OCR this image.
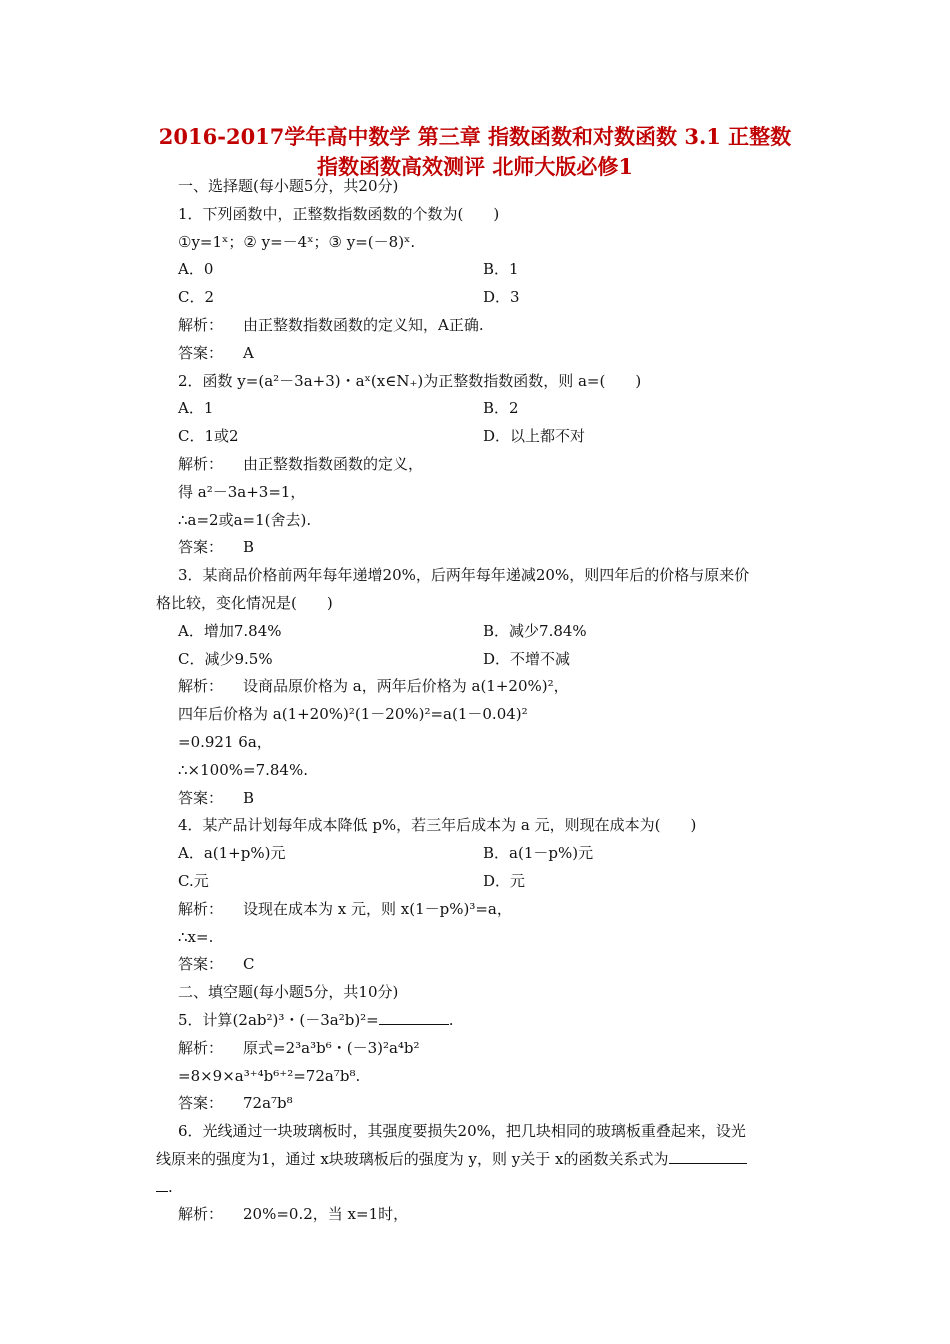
2016-2017学年高中数学 第三章 指数函数和对数函数 3.1 正整数
指数函数高效测评 北师大版必修1
一、选择题(每小题5分，共20分)
1．下列函数中，正整数指数函数的个数为(　　)
①y=1ˣ；② y=－4ˣ；③ y=(－8)ˣ.
A．0	B．1
C．2	D．3
解析： 由正整数指数函数的定义知，A正确.
答案： A
2．函数 y=(a²－3a+3)・aˣ(x∈N₊)为正整数指数函数，则 a=(　　)
A．1	B．2
C．1或2	D．以上都不对
解析： 由正整数指数函数的定义，
得 a²－3a+3=1，
∴a=2或a=1(舍去).
答案： B
3．某商品价格前两年每年递增20%，后两年每年递减20%，则四年后的价格与原来价
格比较，变化情况是(　　)
A．增加7.84%	B．减少7.84%
C．减少9.5%	D．不增不减
解析： 设商品原价格为 a，两年后价格为 a(1+20%)²，
四年后价格为 a(1+20%)²(1－20%)²=a(1－0.04)²
=0.921 6a，
∴×100%=7.84%.
答案： B
4．某产品计划每年成本降低 p%，若三年后成本为 a 元，则现在成本为(　　)
A．a(1+p%)元	B．a(1－p%)元
C.元	D．元
解析： 设现在成本为 x 元，则 x(1－p%)³=a，
∴x=.
答案： C
二、填空题(每小题5分，共10分)
5．计算(2ab²)³・(－3a²b)²=	.
解析： 原式=2³a³b⁶・(－3)²a⁴b²
=8×9×a³⁺⁴b⁶⁺²=72a⁷b⁸.
答案： 72a⁷b⁸
6．光线通过一块玻璃板时，其强度要损失20%，把几块相同的玻璃板重叠起来，设光
线原来的强度为1，通过 x块玻璃板后的强度为 y，则 y关于 x的函数关系式为
.
解析： 20%=0.2，当 x=1时，
